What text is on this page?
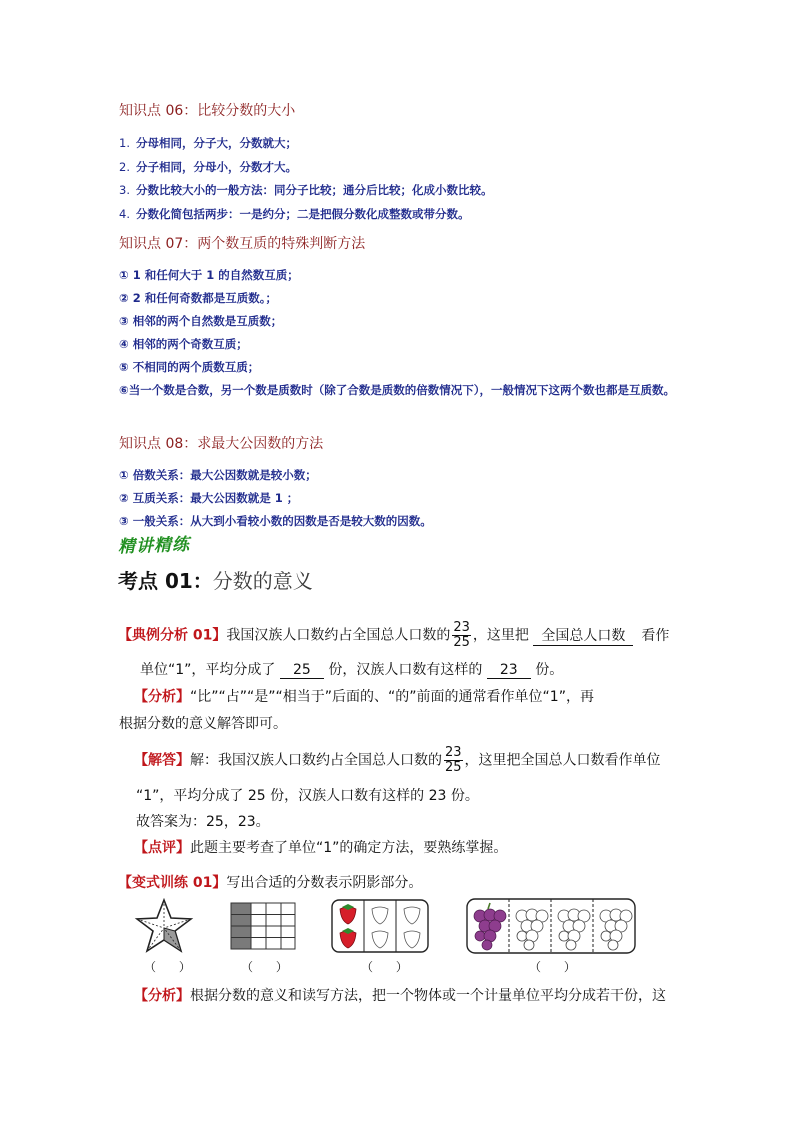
知识点 06：比较分数的大小
1. 分母相同，分子大，分数就大；
2. 分子相同，分母小，分数才大。
3. 分数比较大小的一般方法：同分子比较；通分后比较；化成小数比较。
4. 分数化简包括两步：一是约分；二是把假分数化成整数或带分数。
知识点 07：两个数互质的特殊判断方法
① 1 和任何大于 1 的自然数互质；
② 2 和任何奇数都是互质数。；
③ 相邻的两个自然数是互质数；
④ 相邻的两个奇数互质；
⑤ 不相同的两个质数互质；
⑥当一个数是合数，另一个数是质数时（除了合数是质数的倍数情况下），一般情况下这两个数也都是互质数。
知识点 08：求最大公因数的方法
① 倍数关系：最大公因数就是较小数；
② 互质关系：最大公因数就是 1 ；
③ 一般关系：从大到小看较小数的因数是否是较大数的因数。
精讲精练
考点 01：分数的意义
【典例分析 01】我国汉族人口数约占全国总人口数的 $\frac{23}{25}$ ，这里把 全国总人口数 看作
单位“1”，平均分成了 25 份，汉族人口数有这样的 23 份。
【分析】“比”“占”“是”“相当于”后面的、“的”前面的通常看作单位“1”，再
根据分数的意义解答即可。
【解答】解：我国汉族人口数约占全国总人口数的 $\frac{23}{25}$ ，这里把全国总人口数看作单位
“1”，平均分成了 25 份，汉族人口数有这样的 23 份。
故答案为：25，23。
【点评】此题主要考查了单位“1”的确定方法，要熟练掌握。
【变式训练 01】写出合适的分数表示阴影部分。
（      ）	（      ）	（      ）	（      ）
【分析】根据分数的意义和读写方法，把一个物体或一个计量单位平均分成若干份，这
